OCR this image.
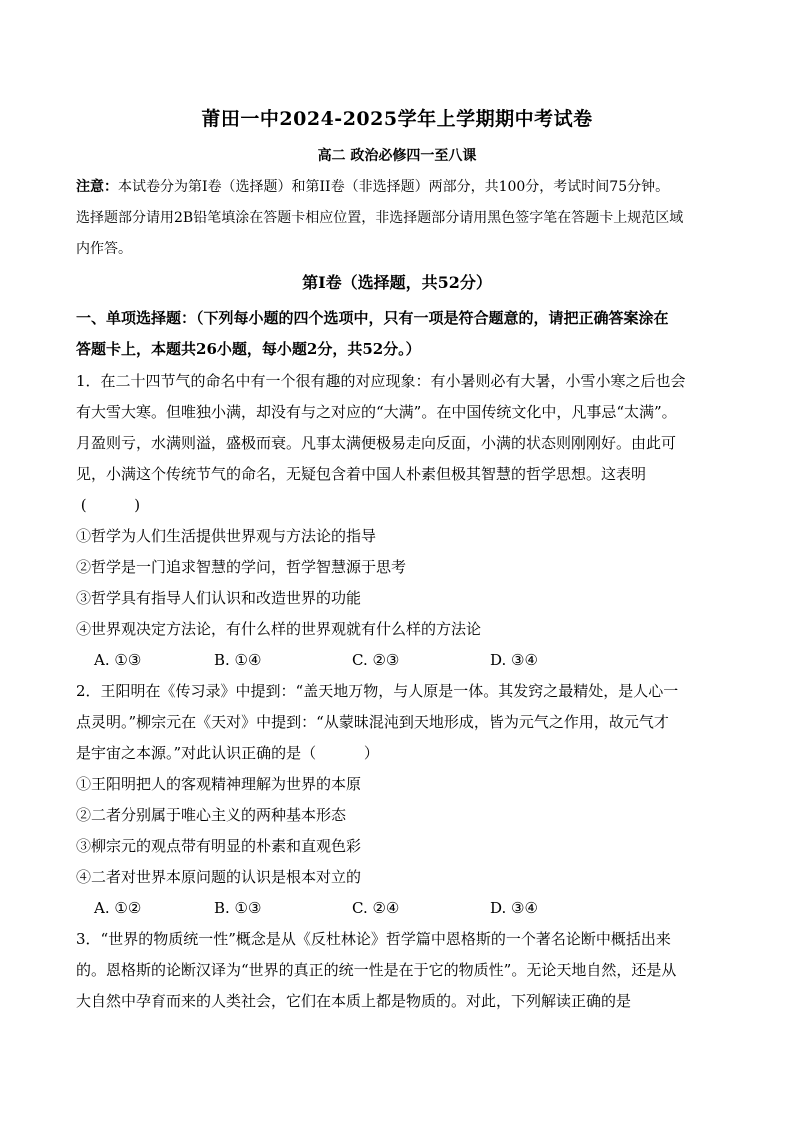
莆田一中2024-2025学年上学期期中考试卷
高二 政治必修四一至八课
注意：本试卷分为第I卷（选择题）和第II卷（非选择题）两部分，共100分，考试时间75分钟。
选择题部分请用2B铅笔填涂在答题卡相应位置，非选择题部分请用黑色签字笔在答题卡上规范区域
内作答。
第I卷（选择题，共52分）
一、单项选择题：（下列每小题的四个选项中，只有一项是符合题意的，请把正确答案涂在
答题卡上，本题共26小题，每小题2分，共52分。）
1．在二十四节气的命名中有一个很有趣的对应现象：有小暑则必有大暑，小雪小寒之后也会
有大雪大寒。但唯独小满，却没有与之对应的“大满”。在中国传统文化中，凡事忌“太满”。
月盈则亏，水满则溢，盛极而衰。凡事太满便极易走向反面，小满的状态则刚刚好。由此可
见，小满这个传统节气的命名，无疑包含着中国人朴素但极其智慧的哲学思想。这表明
(          )
①哲学为人们生活提供世界观与方法论的指导
②哲学是一门追求智慧的学问，哲学智慧源于思考
③哲学具有指导人们认识和改造世界的功能
④世界观决定方法论，有什么样的世界观就有什么样的方法论
A. ①③	B. ①④	C. ②③	D. ③④
2．王阳明在《传习录》中提到：“盖天地万物，与人原是一体。其发窍之最精处，是人心一
点灵明。”柳宗元在《天对》中提到：“从蒙昧混沌到天地形成，皆为元气之作用，故元气才
是宇宙之本源。”对此认识正确的是（          ）
①王阳明把人的客观精神理解为世界的本原
②二者分别属于唯心主义的两种基本形态
③柳宗元的观点带有明显的朴素和直观色彩
④二者对世界本原问题的认识是根本对立的
A. ①②	B. ①③	C. ②④	D. ③④
3．“世界的物质统一性”概念是从《反杜林论》哲学篇中恩格斯的一个著名论断中概括出来
的。恩格斯的论断汉译为“世界的真正的统一性是在于它的物质性”。无论天地自然，还是从
大自然中孕育而来的人类社会，它们在本质上都是物质的。对此，下列解读正确的是
